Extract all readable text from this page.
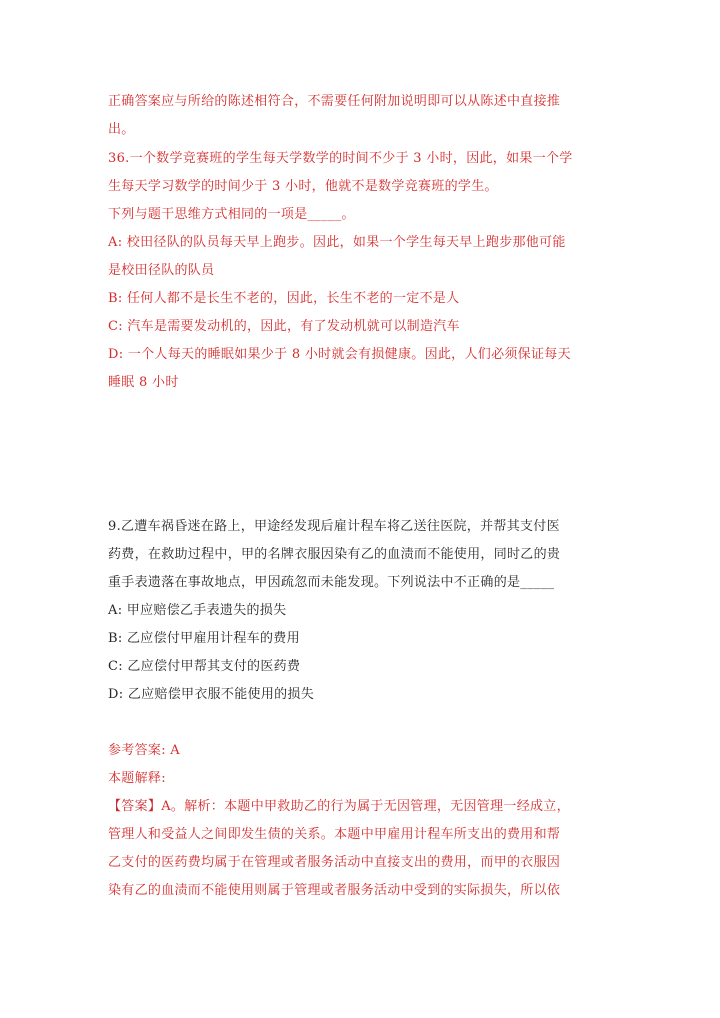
正确答案应与所给的陈述相符合，不需要任何附加说明即可以从陈述中直接推
出。
36.一个数学竞赛班的学生每天学数学的时间不少于 3 小时，因此，如果一个学
生每天学习数学的时间少于 3 小时，他就不是数学竞赛班的学生。
下列与题干思维方式相同的一项是_____。
A: 校田径队的队员每天早上跑步。因此，如果一个学生每天早上跑步那他可能
是校田径队的队员
B: 任何人都不是长生不老的，因此，长生不老的一定不是人
C: 汽车是需要发动机的，因此，有了发动机就可以制造汽车
D: 一个人每天的睡眠如果少于 8 小时就会有损健康。因此，人们必须保证每天
睡眠 8 小时
9.乙遭车祸昏迷在路上，甲途经发现后雇计程车将乙送往医院，并帮其支付医
药费，在救助过程中，甲的名牌衣服因染有乙的血渍而不能使用，同时乙的贵
重手表遗落在事故地点，甲因疏忽而未能发现。下列说法中不正确的是_____
A: 甲应赔偿乙手表遗失的损失
B: 乙应偿付甲雇用计程车的费用
C: 乙应偿付甲帮其支付的医药费
D: 乙应赔偿甲衣服不能使用的损失
参考答案: A
本题解释:
【答案】A。解析：本题中甲救助乙的行为属于无因管理，无因管理一经成立，
管理人和受益人之间即发生债的关系。本题中甲雇用计程车所支出的费用和帮
乙支付的医药费均属于在管理或者服务活动中直接支出的费用，而甲的衣服因
染有乙的血渍而不能使用则属于管理或者服务活动中受到的实际损失，所以依
